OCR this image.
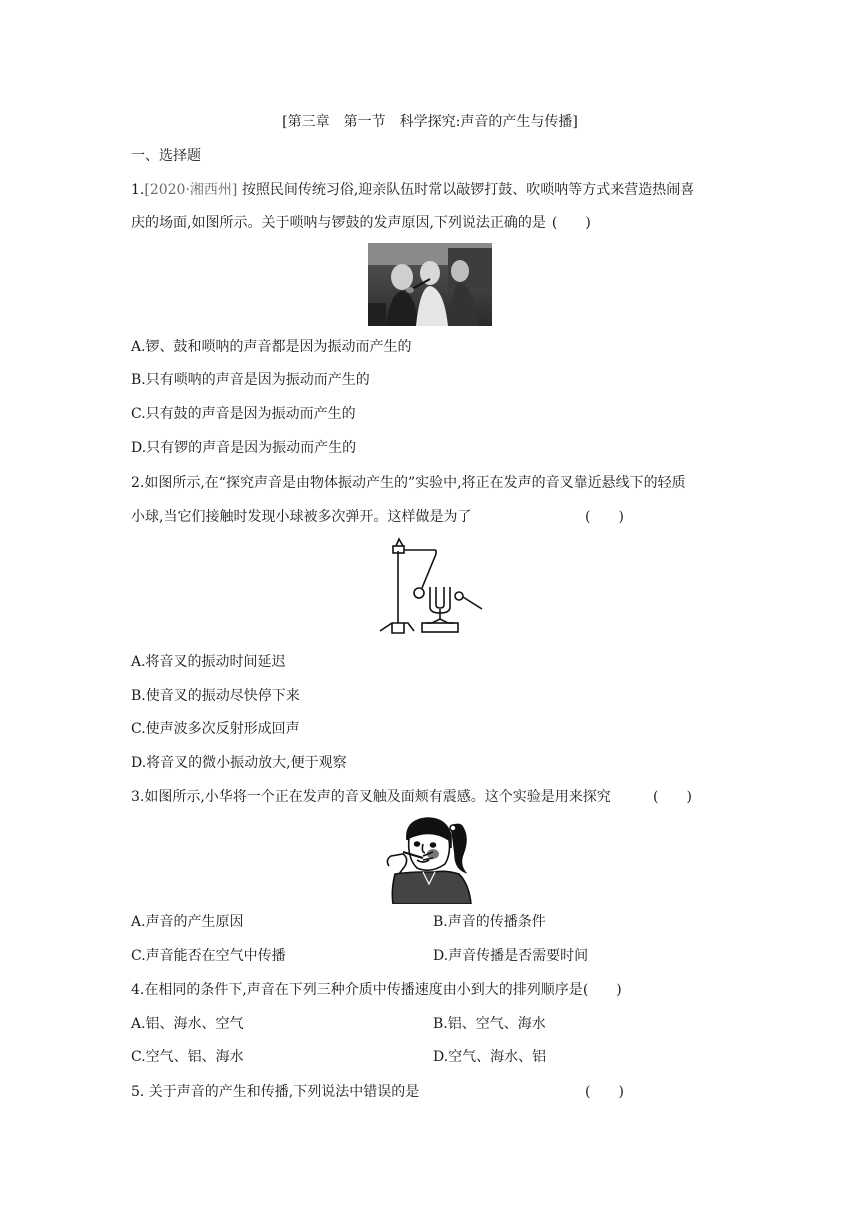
[第三章　第一节　科学探究:声音的产生与传播]
一、选择题
1.[2020·湘西州] 按照民间传统习俗,迎亲队伍时常以敲锣打鼓、吹唢呐等方式来营造热闹喜
庆的场面,如图所示。关于唢呐与锣鼓的发声原因,下列说法正确的是 (　　)
A.锣、鼓和唢呐的声音都是因为振动而产生的
B.只有唢呐的声音是因为振动而产生的
C.只有鼓的声音是因为振动而产生的
D.只有锣的声音是因为振动而产生的
2.如图所示,在“探究声音是由物体振动产生的”实验中,将正在发声的音叉靠近悬线下的轻质
小球,当它们接触时发现小球被多次弹开。这样做是为了	(　　)
A.将音叉的振动时间延迟
B.使音叉的振动尽快停下来
C.使声波多次反射形成回声
D.将音叉的微小振动放大,便于观察
3.如图所示,小华将一个正在发声的音叉触及面颊有震感。这个实验是用来探究	(　　)
A.声音的产生原因	B.声音的传播条件
C.声音能否在空气中传播	D.声音传播是否需要时间
4.在相同的条件下,声音在下列三种介质中传播速度由小到大的排列顺序是(　　)
A.铝、海水、空气	B.铝、空气、海水
C.空气、铝、海水	D.空气、海水、铝
5. 关于声音的产生和传播,下列说法中错误的是	(　　)
